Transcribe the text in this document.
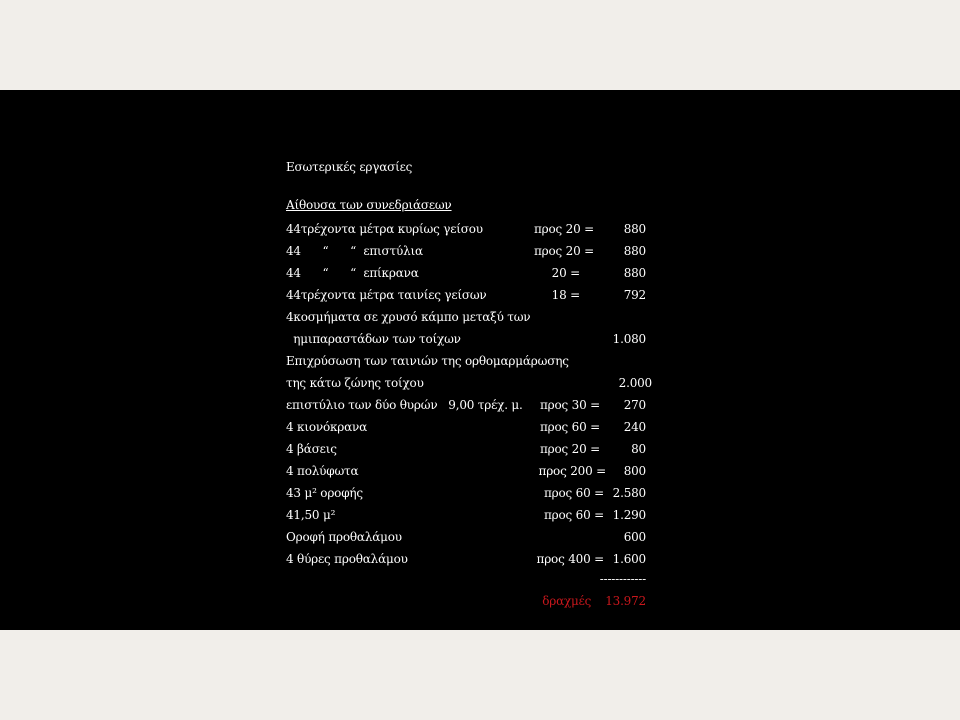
Εσωτερικές εργασίες
Αίθουσα των συνεδριάσεων
44τρέχοντα μέτρα κυρίως γείσου	προς 20 = 880
44      “      “  επιστύλια	προς 20 = 880
44      “      “  επίκρανα	20 =	880
44τρέχοντα μέτρα ταινίες γείσων	18 =	792
4κοσμήματα σε χρυσό κάμπο μεταξύ των
ημιπαραστάδων των τοίχων	1.080
Επιχρύσωση των ταινιών της ορθομαρμάρωσης
της κάτω ζώνης τοίχου	2.000
επιστύλιο των δύο θυρών   9,00 τρέχ. μ. προς 30 = 270
4 κιονόκρανα	προς 60 = 240
4 βάσεις	προς 20 =	80
4 πολύφωτα	προς 200 = 800
43 μ² οροφής	προς 60 = 2.580
41,50 μ²	προς 60 = 1.290
Οροφή προθαλάμου	600
4 θύρες προθαλάμου	προς 400 = 1.600
------------
δραχμές 13.972
